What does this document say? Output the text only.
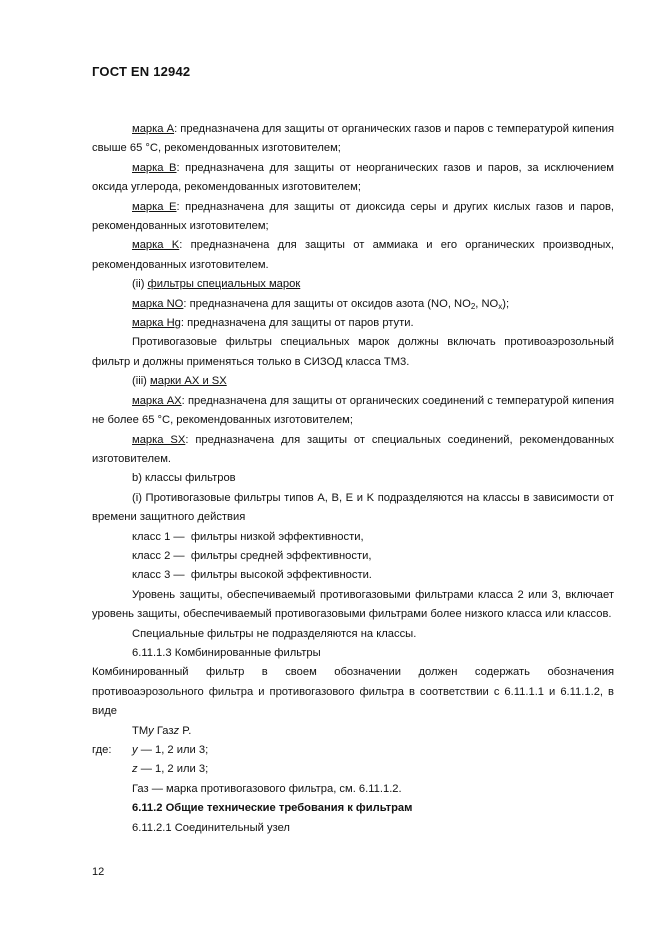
ГОСТ EN 12942

марка A: предназначена для защиты от органических газов и паров с температурой кипения свыше 65 °С, рекомендованных изготовителем;

марка B: предназначена для защиты от неорганических газов и паров, за исключением оксида углерода, рекомендованных изготовителем;

марка E: предназначена для защиты от диоксида серы и других кислых газов и паров, рекомендованных изготовителем;

марка K: предназначена для защиты от аммиака и его органических производных, рекомендованных изготовителем.

(ii) фильтры специальных марок

марка NO: предназначена для защиты от оксидов азота (NO, $NO_2$, $NO_x$);

марка Hg: предназначена для защиты от паров ртути.

Противогазовые фильтры специальных марок должны включать противоаэрозольный фильтр и должны применяться только в СИЗОД класса ТМ3.

(iii) марки AX и SX

марка AX: предназначена для защиты от органических соединений с температурой кипения не более 65 °С, рекомендованных изготовителем;

марка SX: предназначена для защиты от специальных соединений, рекомендованных изготовителем.

b) классы фильтров

(i) Противогазовые фильтры типов A, B, E и K подразделяются на классы в зависимости от времени защитного действия

класс 1 — фильтры низкой эффективности,

класс 2 — фильтры средней эффективности,

класс 3 — фильтры высокой эффективности.

Уровень защиты, обеспечиваемый противогазовыми фильтрами класса 2 или 3, включает уровень защиты, обеспечиваемый противогазовыми фильтрами более низкого класса или классов.

Специальные фильтры не подразделяются на классы.

6.11.1.3 Комбинированные фильтры

Комбинированный фильтр в своем обозначении должен содержать обозначения противоаэрозольного фильтра и противогазового фильтра в соответствии с 6.11.1.1 и 6.11.1.2, в виде

ТМy Газz P.

где:	y — 1, 2 или 3;

z — 1, 2 или 3;

Газ — марка противогазового фильтра, см. 6.11.1.2.

6.11.2 Общие технические требования к фильтрам

6.11.2.1 Соединительный узел

12
